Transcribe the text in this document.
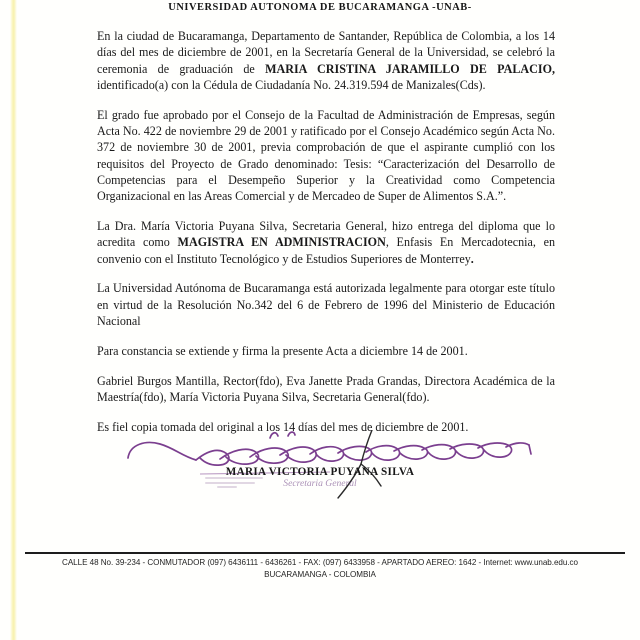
UNIVERSIDAD AUTONOMA DE BUCARAMANGA -UNAB-

En la ciudad de Bucaramanga, Departamento de Santander, República de Colombia, a los 14 días del mes de diciembre de 2001, en la Secretaría General de la Universidad, se celebró la ceremonia de graduación de MARIA CRISTINA JARAMILLO DE PALACIO, identificado(a) con la Cédula de Ciudadanía No. 24.319.594 de Manizales(Cds).

El grado fue aprobado por el Consejo de la Facultad de Administración de Empresas, según Acta No. 422 de noviembre 29 de 2001 y ratificado por el Consejo Académico según Acta No. 372 de noviembre 30 de 2001, previa comprobación de que el aspirante cumplió con los requisitos del Proyecto de Grado denominado: Tesis: “Caracterización del Desarrollo de Competencias para el Desempeño Superior y la Creatividad como Competencia Organizacional en las Areas Comercial y de Mercadeo de Super de Alimentos S.A.”.

La Dra. María Victoria Puyana Silva, Secretaria General, hizo entrega del diploma que lo acredita como MAGISTRA EN ADMINISTRACION, Enfasis En Mercadotecnia, en convenio con el Instituto Tecnológico y de Estudios Superiores de Monterrey.

La Universidad Autónoma de Bucaramanga está autorizada legalmente para otorgar este título en virtud de la Resolución No.342 del 6 de Febrero de 1996 del Ministerio de Educación Nacional

Para constancia se extiende y firma la presente Acta a diciembre 14 de 2001.

Gabriel Burgos Mantilla, Rector(fdo), Eva Janette Prada Grandas, Directora Académica de la Maestría(fdo), María Victoria Puyana Silva, Secretaria General(fdo).

Es fiel copia tomada del original a los 14 días del mes de diciembre de 2001.

MARIA VICTORIA PUYANA SILVA
Secretaria General
CALLE 48 No. 39-234 - CONMUTADOR (097) 6436111 - 6436261 - FAX: (097) 6433958 - APARTADO AEREO: 1642 - Internet: www.unab.edu.co
BUCARAMANGA - COLOMBIA
